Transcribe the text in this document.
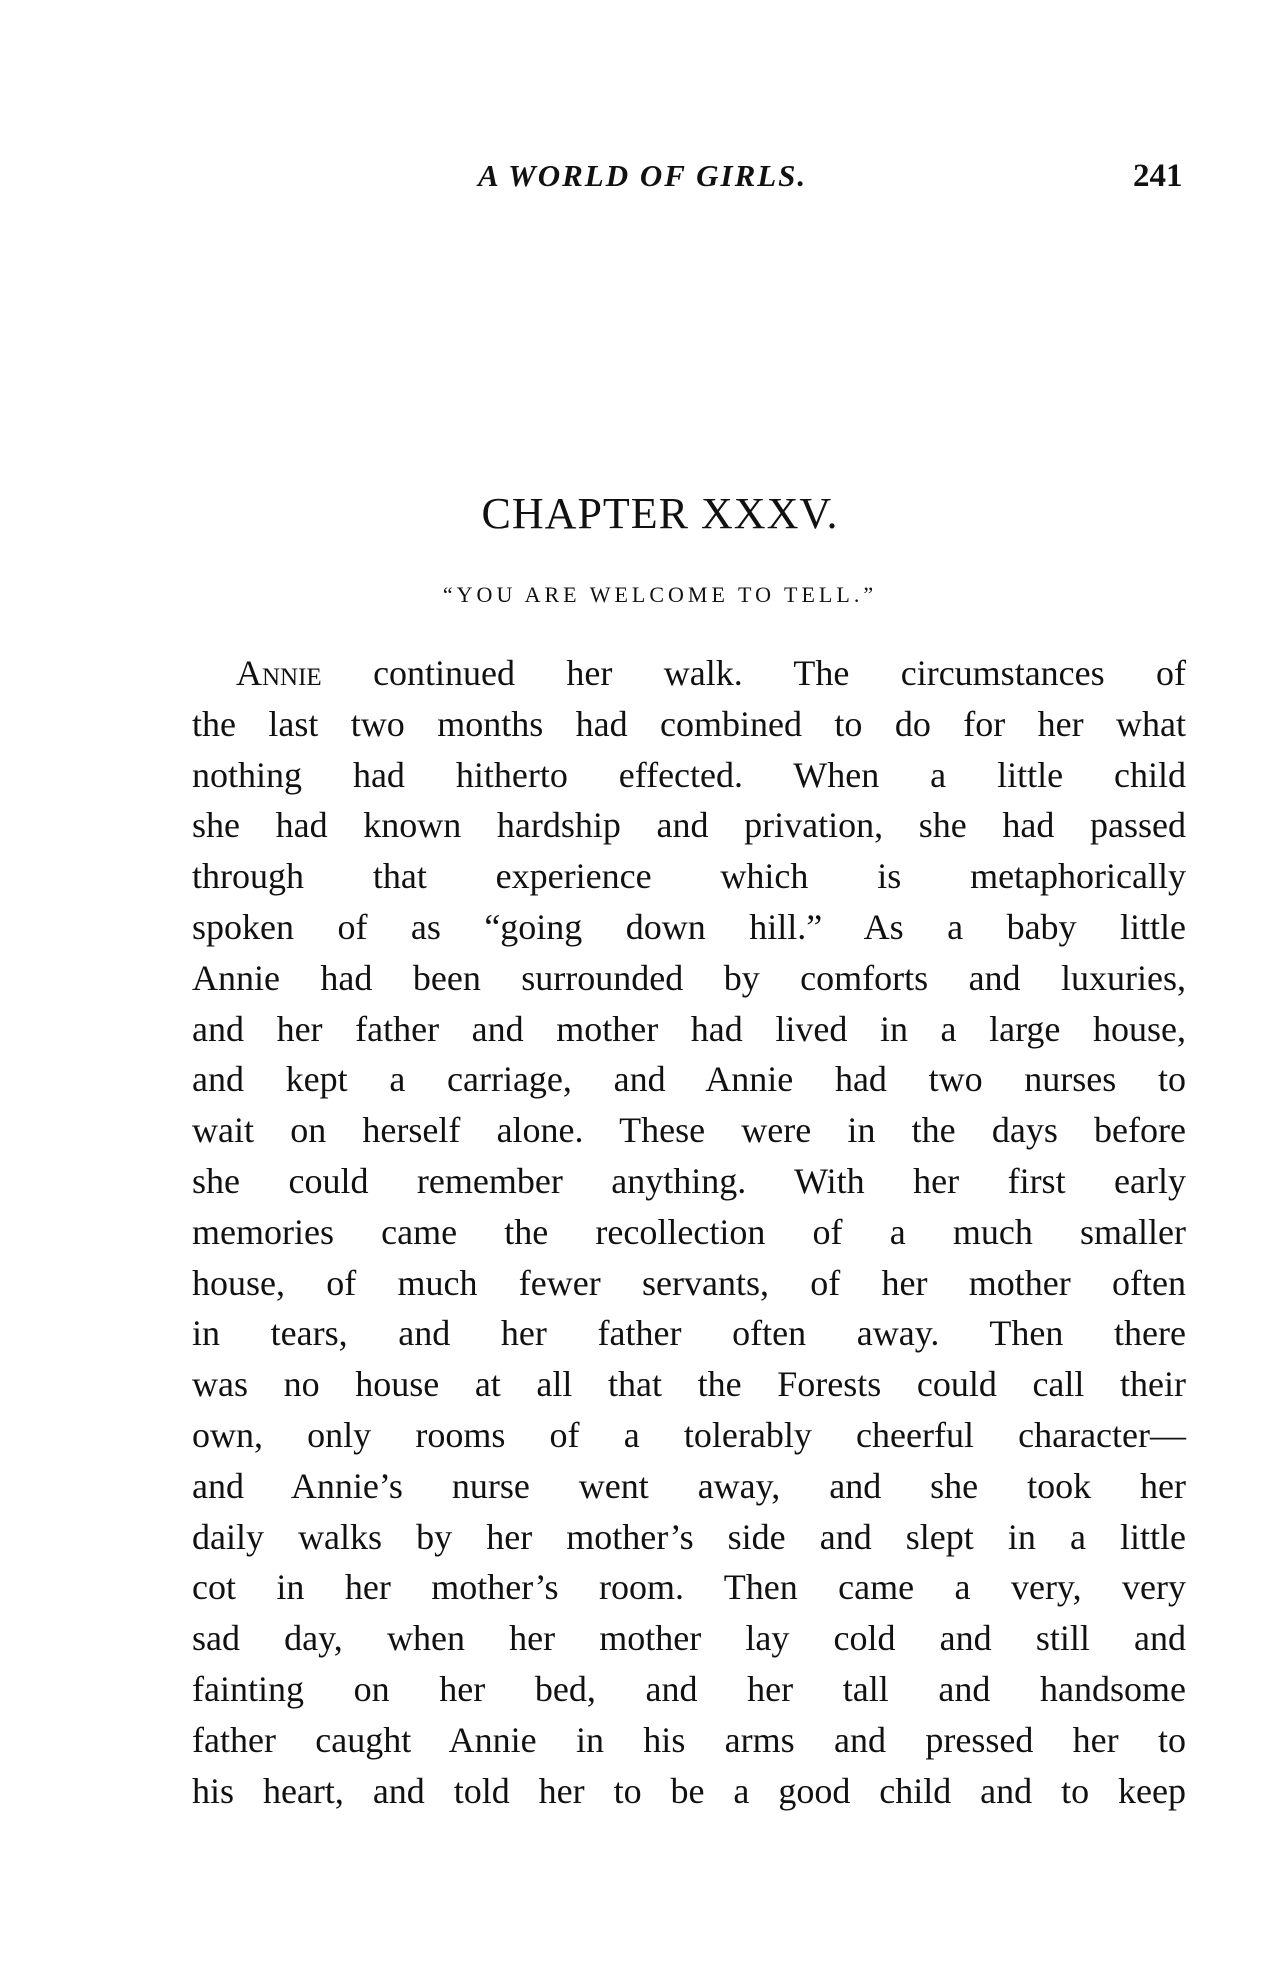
A WORLD OF GIRLS.	241
CHAPTER XXXV.
“YOU ARE WELCOME TO TELL.”
Annie continued her walk. The circumstances of
the last two months had combined to do for her what
nothing had hitherto effected. When a little child
she had known hardship and privation, she had passed
through that experience which is metaphorically
spoken of as “going down hill.” As a baby little
Annie had been surrounded by comforts and luxuries,
and her father and mother had lived in a large house,
and kept a carriage, and Annie had two nurses to
wait on herself alone. These were in the days before
she could remember anything. With her first early
memories came the recollection of a much smaller
house, of much fewer servants, of her mother often
in tears, and her father often away. Then there
was no house at all that the Forests could call their
own, only rooms of a tolerably cheerful character—
and Annie’s nurse went away, and she took her
daily walks by her mother’s side and slept in a little
cot in her mother’s room. Then came a very, very
sad day, when her mother lay cold and still and
fainting on her bed, and her tall and handsome
father caught Annie in his arms and pressed her to
his heart, and told her to be a good child and to keep
